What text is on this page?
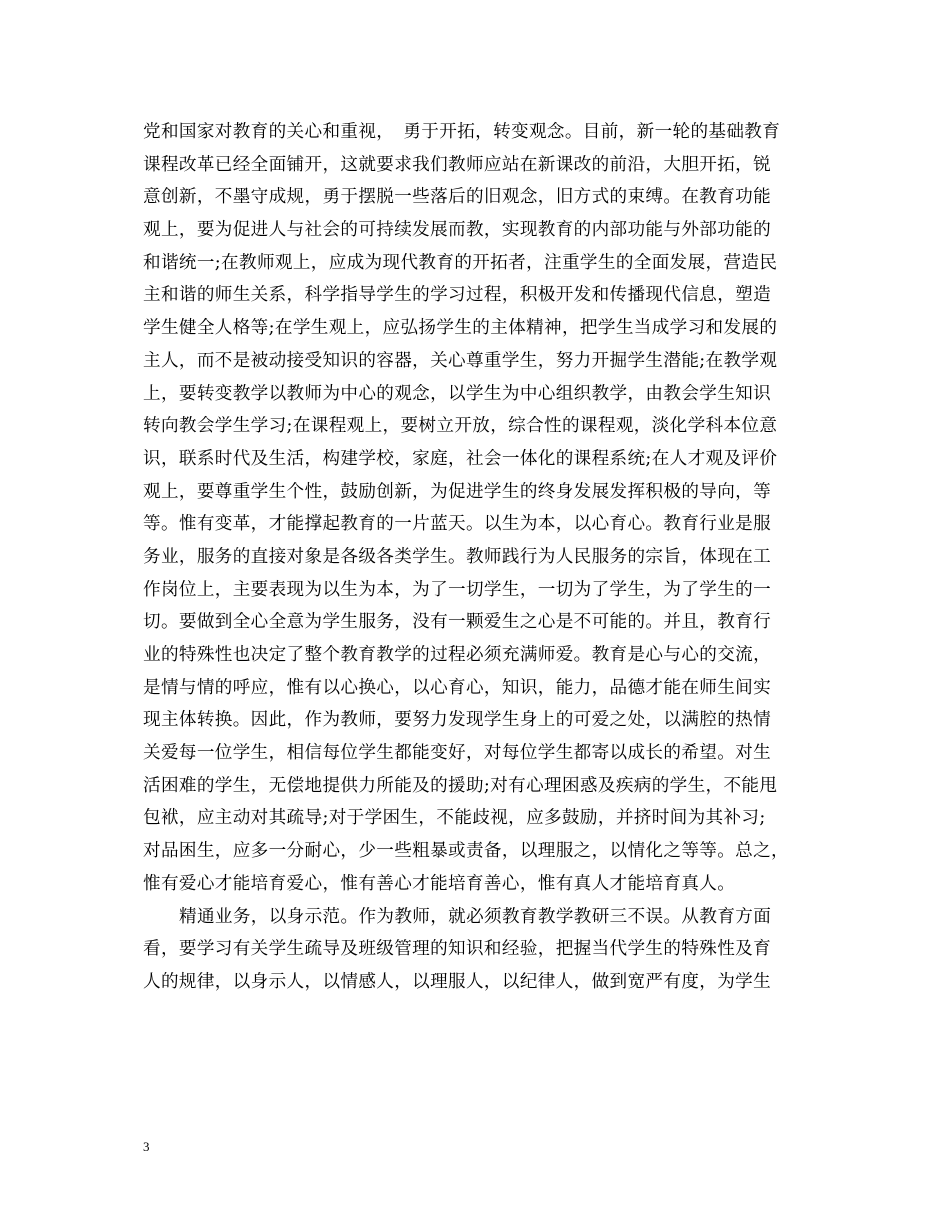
党和国家对教育的关心和重视，　勇于开拓，转变观念。目前，新一轮的基础教育
课程改革已经全面铺开，这就要求我们教师应站在新课改的前沿，大胆开拓，锐
意创新，不墨守成规，勇于摆脱一些落后的旧观念，旧方式的束缚。在教育功能
观上，要为促进人与社会的可持续发展而教，实现教育的内部功能与外部功能的
和谐统一;在教师观上，应成为现代教育的开拓者，注重学生的全面发展，营造民
主和谐的师生关系，科学指导学生的学习过程，积极开发和传播现代信息，塑造
学生健全人格等;在学生观上，应弘扬学生的主体精神，把学生当成学习和发展的
主人，而不是被动接受知识的容器，关心尊重学生，努力开掘学生潜能;在教学观
上，要转变教学以教师为中心的观念，以学生为中心组织教学，由教会学生知识
转向教会学生学习;在课程观上，要树立开放，综合性的课程观，淡化学科本位意
识，联系时代及生活，构建学校，家庭，社会一体化的课程系统;在人才观及评价
观上，要尊重学生个性，鼓励创新，为促进学生的终身发展发挥积极的导向，等
等。惟有变革，才能撑起教育的一片蓝天。以生为本，以心育心。教育行业是服
务业，服务的直接对象是各级各类学生。教师践行为人民服务的宗旨，体现在工
作岗位上，主要表现为以生为本，为了一切学生，一切为了学生，为了学生的一
切。要做到全心全意为学生服务，没有一颗爱生之心是不可能的。并且，教育行
业的特殊性也决定了整个教育教学的过程必须充满师爱。教育是心与心的交流，
是情与情的呼应，惟有以心换心，以心育心，知识，能力，品德才能在师生间实
现主体转换。因此，作为教师，要努力发现学生身上的可爱之处，以满腔的热情
关爱每一位学生，相信每位学生都能变好，对每位学生都寄以成长的希望。对生
活困难的学生，无偿地提供力所能及的援助;对有心理困惑及疾病的学生，不能甩
包袱，应主动对其疏导;对于学困生，不能歧视，应多鼓励，并挤时间为其补习;
对品困生，应多一分耐心，少一些粗暴或责备，以理服之，以情化之等等。总之，
惟有爱心才能培育爱心，惟有善心才能培育善心，惟有真人才能培育真人。
精通业务，以身示范。作为教师，就必须教育教学教研三不误。从教育方面
看，要学习有关学生疏导及班级管理的知识和经验，把握当代学生的特殊性及育
人的规律，以身示人，以情感人，以理服人，以纪律人，做到宽严有度，为学生
3
